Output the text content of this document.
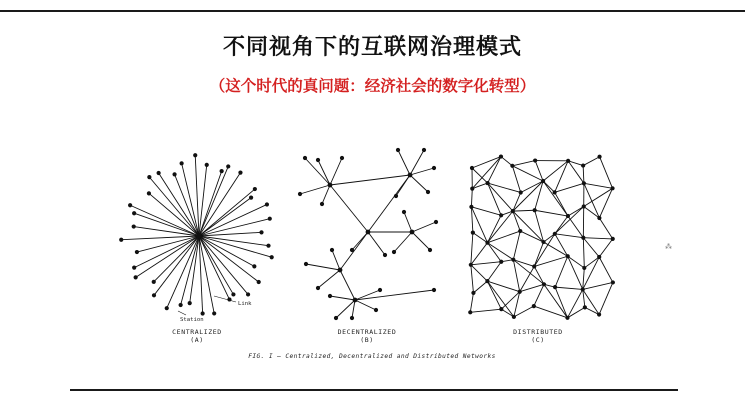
不同视角下的互联网治理模式
（这个时代的真问题：经济社会的数字化转型）
Link
Station
CENTRALIZED
(A)
DECENTRALIZED
(B)
DISTRIBUTED
(C)
FIG. I — Centralized, Decentralized and Distributed Networks
⁂
